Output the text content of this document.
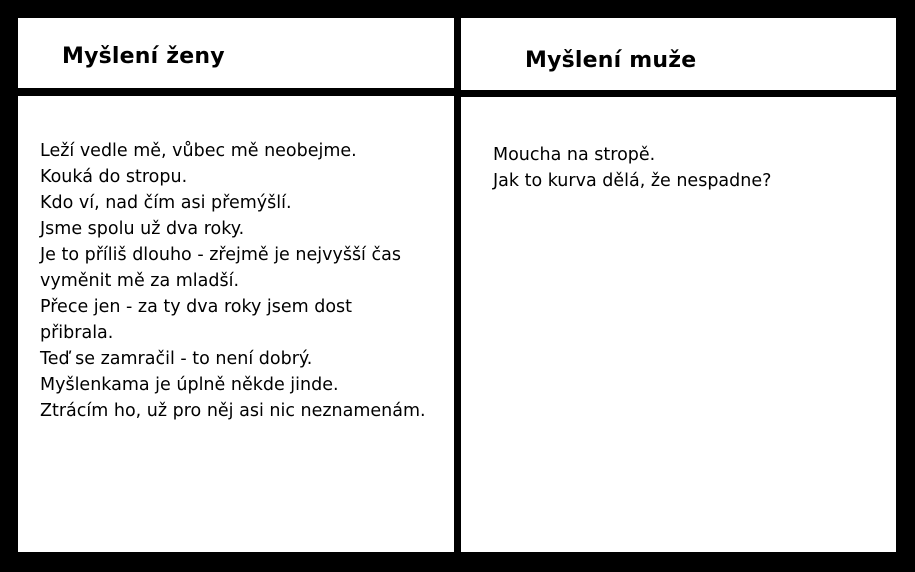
Myšlení ženy	Myšlení muže
Leží vedle mě, vůbec mě neobejme.
Kouká do stropu.
Kdo ví, nad čím asi přemýšlí.
Jsme spolu už dva roky.
Je to příliš dlouho - zřejmě je nejvyšší čas
vyměnit mě za mladší.
Přece jen - za ty dva roky jsem dost
přibrala.
Teď se zamračil - to není dobrý.
Myšlenkama je úplně někde jinde.
Ztrácím ho, už pro něj asi nic neznamenám.
Moucha na stropě.
Jak to kurva dělá, že nespadne?
